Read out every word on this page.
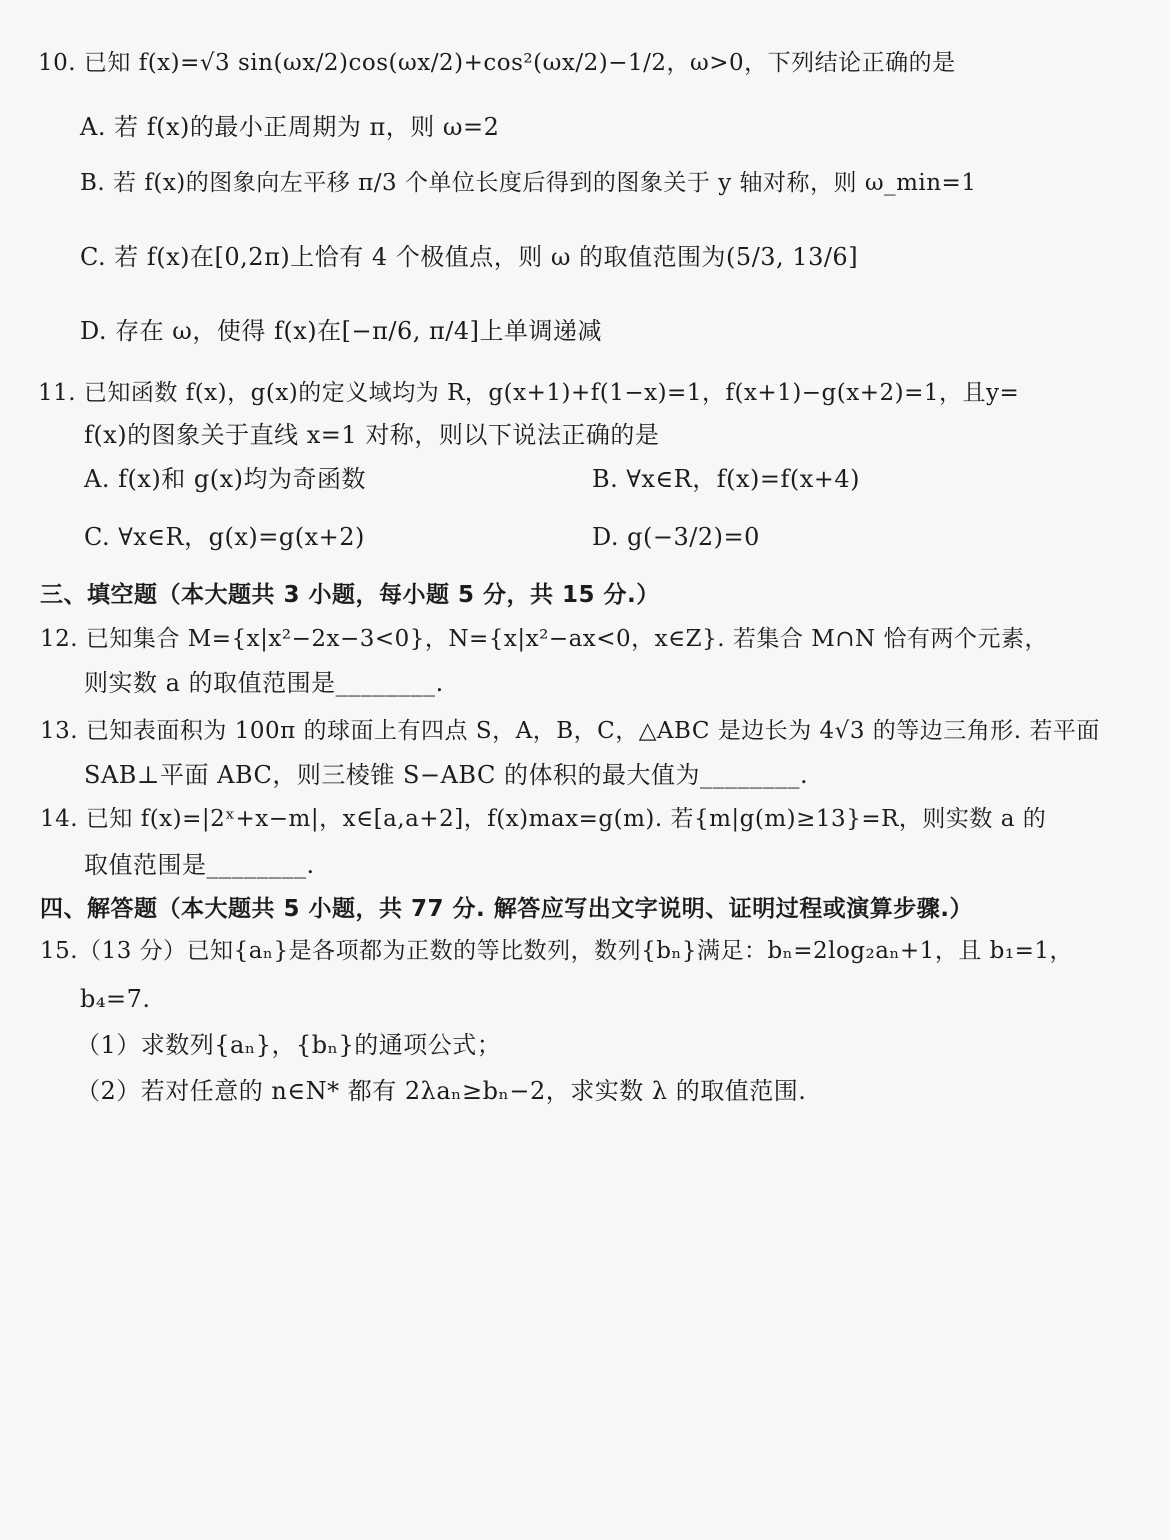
10. 已知 f(x)=√3 sin(ωx/2)cos(ωx/2)+cos²(ωx/2)−1/2，ω>0，下列结论正确的是
A. 若 f(x)的最小正周期为 π，则 ω=2
B. 若 f(x)的图象向左平移 π/3 个单位长度后得到的图象关于 y 轴对称，则 ω_min=1
C. 若 f(x)在[0,2π)上恰有 4 个极值点，则 ω 的取值范围为(5/3, 13/6]
D. 存在 ω，使得 f(x)在[−π/6, π/4]上单调递减
11. 已知函数 f(x)，g(x)的定义域均为 R，g(x+1)+f(1−x)=1，f(x+1)−g(x+2)=1，且y=
f(x)的图象关于直线 x=1 对称，则以下说法正确的是
A. f(x)和 g(x)均为奇函数	B. ∀x∈R，f(x)=f(x+4)
C. ∀x∈R，g(x)=g(x+2)	D. g(−3/2)=0
三、填空题（本大题共 3 小题，每小题 5 分，共 15 分.）
12. 已知集合 M={x|x²−2x−3<0}，N={x|x²−ax<0，x∈Z}. 若集合 M∩N 恰有两个元素，
则实数 a 的取值范围是________.
13. 已知表面积为 100π 的球面上有四点 S，A，B，C，△ABC 是边长为 4√3 的等边三角形. 若平面
SAB⊥平面 ABC，则三棱锥 S−ABC 的体积的最大值为________.
14. 已知 f(x)=|2ˣ+x−m|，x∈[a,a+2]，f(x)max=g(m). 若{m|g(m)≥13}=R，则实数 a 的
取值范围是________.
四、解答题（本大题共 5 小题，共 77 分. 解答应写出文字说明、证明过程或演算步骤.）
15.（13 分）已知{aₙ}是各项都为正数的等比数列，数列{bₙ}满足：bₙ=2log₂aₙ+1，且 b₁=1，
b₄=7.
（1）求数列{aₙ}，{bₙ}的通项公式；
（2）若对任意的 n∈N* 都有 2λaₙ≥bₙ−2，求实数 λ 的取值范围.
